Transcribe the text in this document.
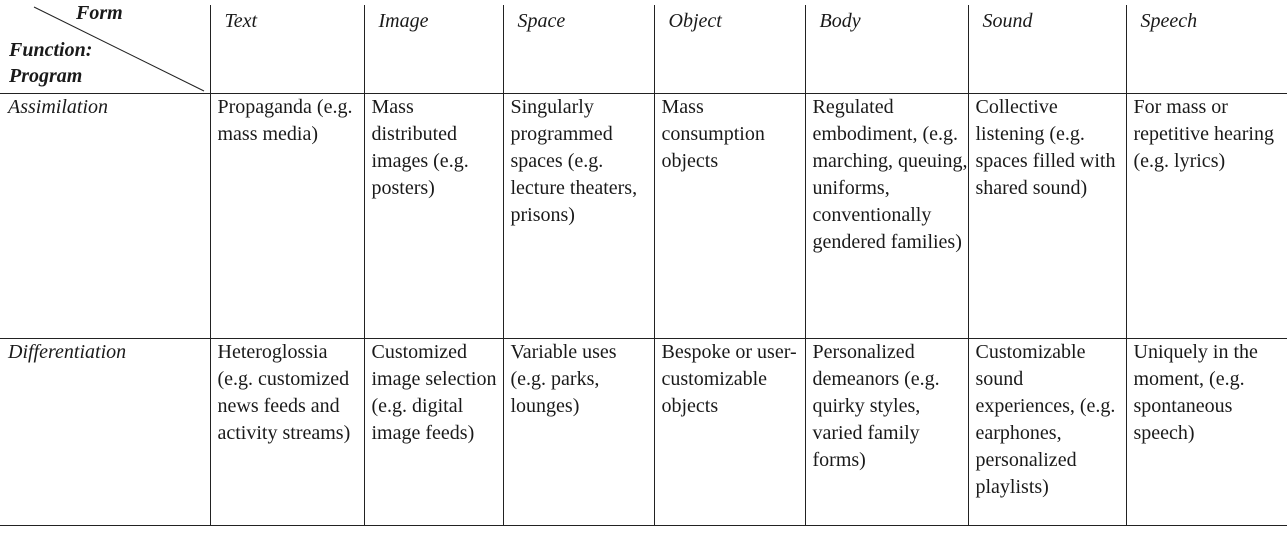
Form
Function:
Program	Text	Image	Space	Object	Body	Sound	Speech
Assimilation	Propaganda (e.g. mass media)	Mass distributed images (e.g. posters)	Singularly programmed spaces (e.g. lecture theaters, prisons)	Mass consumption objects	Regulated embodiment, (e.g. marching, queuing, uniforms, conventionally gendered families)	Collective listening (e.g. spaces filled with shared sound)	For mass or repetitive hearing (e.g. lyrics)
Differentiation	Heteroglossia (e.g. customized news feeds and activity streams)	Customized image selection (e.g. digital image feeds)	Variable uses (e.g. parks, lounges)	Bespoke or user-customizable objects	Personalized demeanors (e.g. quirky styles, varied family forms)	Customizable sound experiences, (e.g. earphones, personalized playlists)	Uniquely in the moment, (e.g. spontaneous speech)
